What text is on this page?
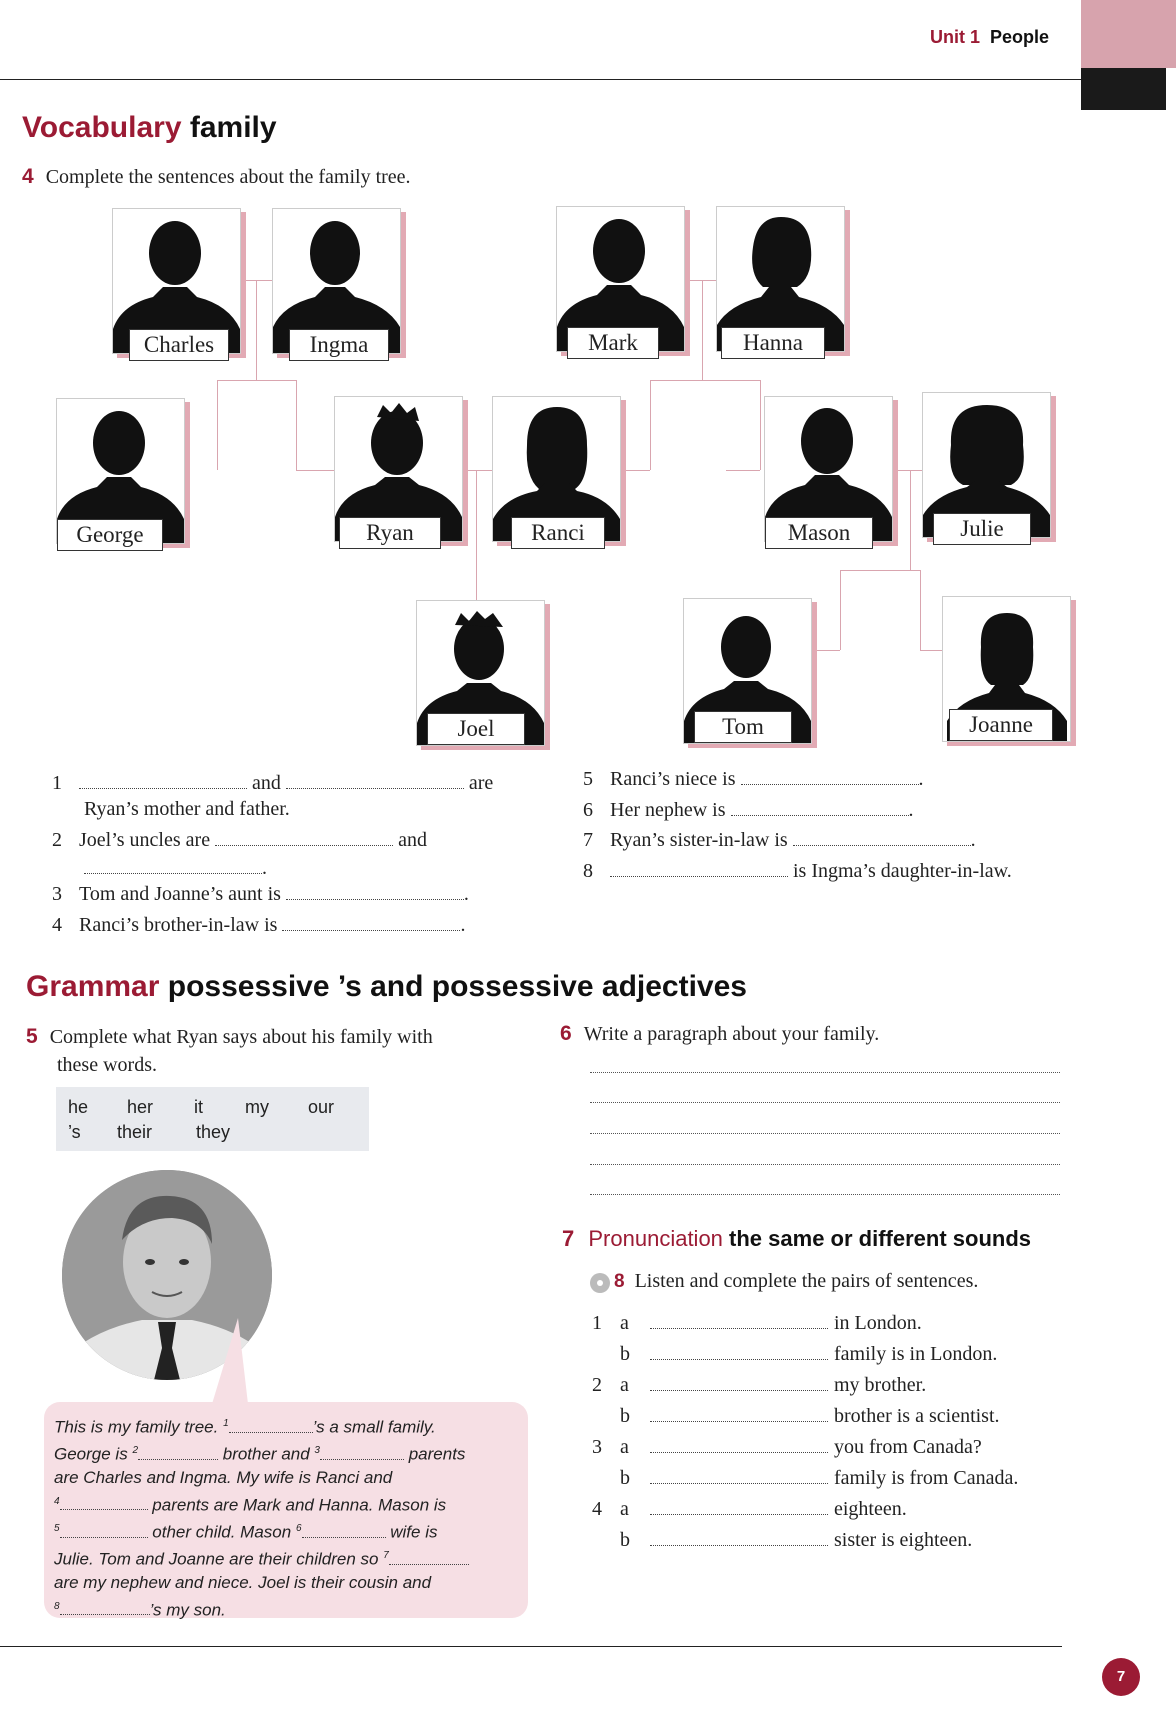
Unit 1 People
Vocabulary family
4 Complete the sentences about the family tree.
Charles	Ingma	Mark	Hanna
George	Ryan	Ranci	Mason	Julie
Joel	Tom	Joanne
1	and	are
Ryan’s mother and father.
2 Joel’s uncles are	and
.
3 Tom and Joanne’s aunt is	.
4 Ranci’s brother-in-law is	.
5 Ranci’s niece is	.
6 Her nephew is	.
7 Ryan’s sister-in-law is	.
8	is Ingma’s daughter-in-law.
Grammar possessive ’s and possessive adjectives
5 Complete what Ryan says about his family with
these words.
he her it my our
’s their they
This is my family tree. $^1$	’s a small family.
George is $^2$	brother and $^3$	parents
are Charles and Ingma. My wife is Ranci and
$^4$	parents are Mark and Hanna. Mason is
$^5$	other child. Mason $^6$	wife is
Julie. Tom and Joanne are their children so $^7$
are my nephew and niece. Joel is their cousin and
$^8$	’s my son.
6 Write a paragraph about your family.
7 Pronunciation the same or different sounds
8 Listen and complete the pairs of sentences.
1 a	in London.
b	family is in London.
2 a	my brother.
b	brother is a scientist.
3 a	you from Canada?
b	family is from Canada.
4 a	eighteen.
b	sister is eighteen.
7
